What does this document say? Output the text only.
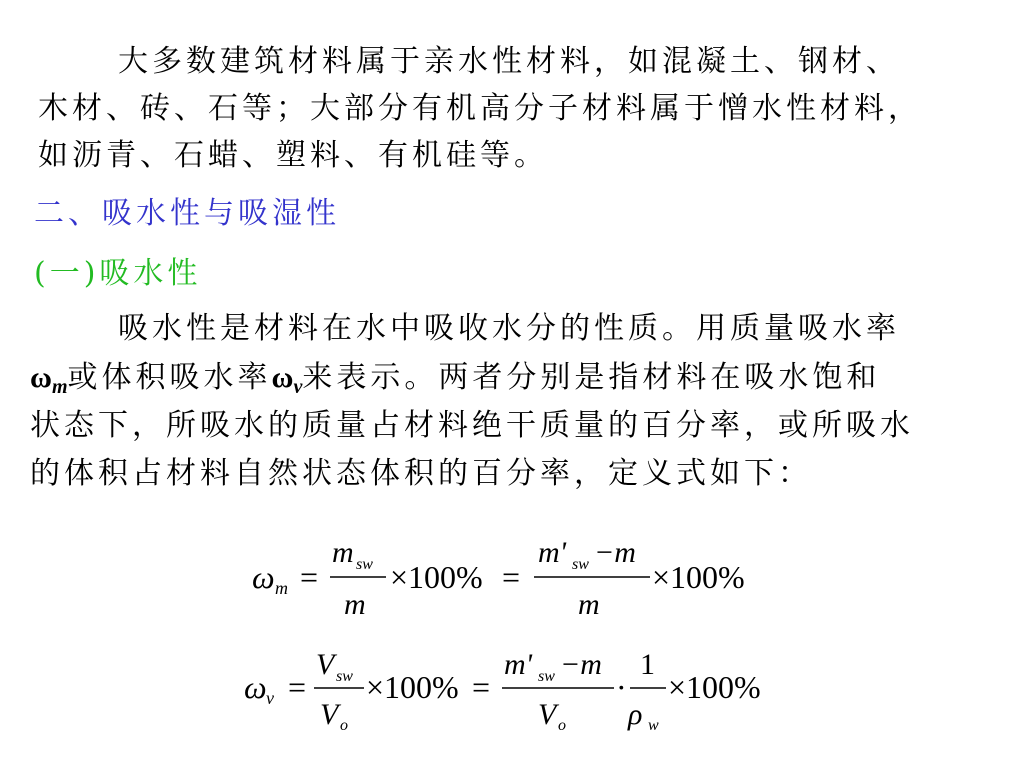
大多数建筑材料属于亲水性材料，如混凝土、钢材、
木材、砖、石等；大部分有机高分子材料属于憎水性材料，
如沥青、石蜡、塑料、有机硅等。
二、吸水性与吸湿性
(一)吸水性
吸水性是材料在水中吸收水分的性质。用质量吸水率
$\omega_m$或体积吸水率$\omega_v$来表示。两者分别是指材料在吸水饱和
状态下，所吸水的质量占材料绝干质量的百分率，或所吸水
的体积占材料自然状态体积的百分率，定义式如下：
ω m =
m sw
m
×100% =
m' sw −m
m
×100%
ω v =
V sw
V o
×100% =
m' sw −m
V o
·
1
ρ w
×100%
